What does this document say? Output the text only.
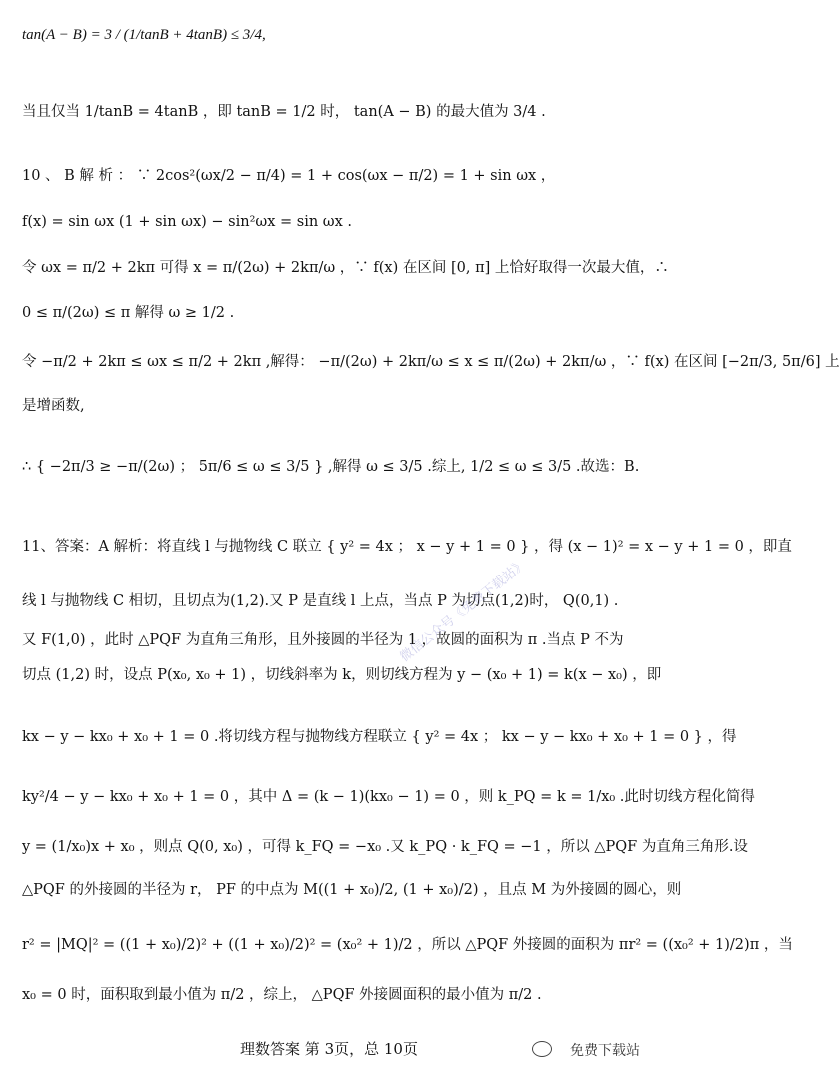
tan(A − B) = 3 / (1/tanB + 4tanB) ≤ 3/4,
当且仅当 1/tanB = 4tanB ，即 tanB = 1/2 时， tan(A − B) 的最大值为 3/4 .
10 、 B 解 析 ： ∵ 2cos²(ωx/2 − π/4) = 1 + cos(ωx − π/2) = 1 + sin ωx ，
f(x) = sin ωx (1 + sin ωx) − sin²ωx = sin ωx .
令 ωx = π/2 + 2kπ 可得 x = π/(2ω) + 2kπ/ω ，∵ f(x) 在区间 [0, π] 上恰好取得一次最大值，∴
0 ≤ π/(2ω) ≤ π 解得 ω ≥ 1/2 .
令 −π/2 + 2kπ ≤ ωx ≤ π/2 + 2kπ ,解得： −π/(2ω) + 2kπ/ω ≤ x ≤ π/(2ω) + 2kπ/ω ，∵ f(x) 在区间 [−2π/3, 5π/6] 上
是增函数,
∴ { −2π/3 ≥ −π/(2ω) ； 5π/6 ≤ ω ≤ 3/5 } ,解得 ω ≤ 3/5 .综上, 1/2 ≤ ω ≤ 3/5 .故选：B.
11、答案：A 解析：将直线 l 与抛物线 C 联立 { y² = 4x ； x − y + 1 = 0 } ，得 (x − 1)² = x − y + 1 = 0 ，即直
线 l 与抛物线 C 相切，且切点为(1,2).又 P 是直线 l 上点，当点 P 为切点(1,2)时， Q(0,1) .
又 F(1,0) ，此时 △PQF 为直角三角形，且外接圆的半径为 1 ，故圆的面积为 π .当点 P 不为
切点 (1,2) 时，设点 P(x₀, x₀ + 1) ，切线斜率为 k，则切线方程为 y − (x₀ + 1) = k(x − x₀) ，即
kx − y − kx₀ + x₀ + 1 = 0 .将切线方程与抛物线方程联立 { y² = 4x ； kx − y − kx₀ + x₀ + 1 = 0 } ，得
ky²/4 − y − kx₀ + x₀ + 1 = 0 ，其中 Δ = (k − 1)(kx₀ − 1) = 0 ，则 k_PQ = k = 1/x₀ .此时切线方程化简得
y = (1/x₀)x + x₀ ，则点 Q(0, x₀) ，可得 k_FQ = −x₀ .又 k_PQ · k_FQ = −1 ，所以 △PQF 为直角三角形.设
△PQF 的外接圆的半径为 r， PF 的中点为 M((1 + x₀)/2, (1 + x₀)/2) ，且点 M 为外接圆的圆心，则
r² = |MQ|² = ((1 + x₀)/2)² + ((1 + x₀)/2)² = (x₀² + 1)/2 ，所以 △PQF 外接圆的面积为 πr² = ((x₀² + 1)/2)π ，当
x₀ = 0 时，面积取到最小值为 π/2 ，综上， △PQF 外接圆面积的最小值为 π/2 .
微信公众号《免费下载站》
理数答案 第 3页，总 10页	免费下载站
